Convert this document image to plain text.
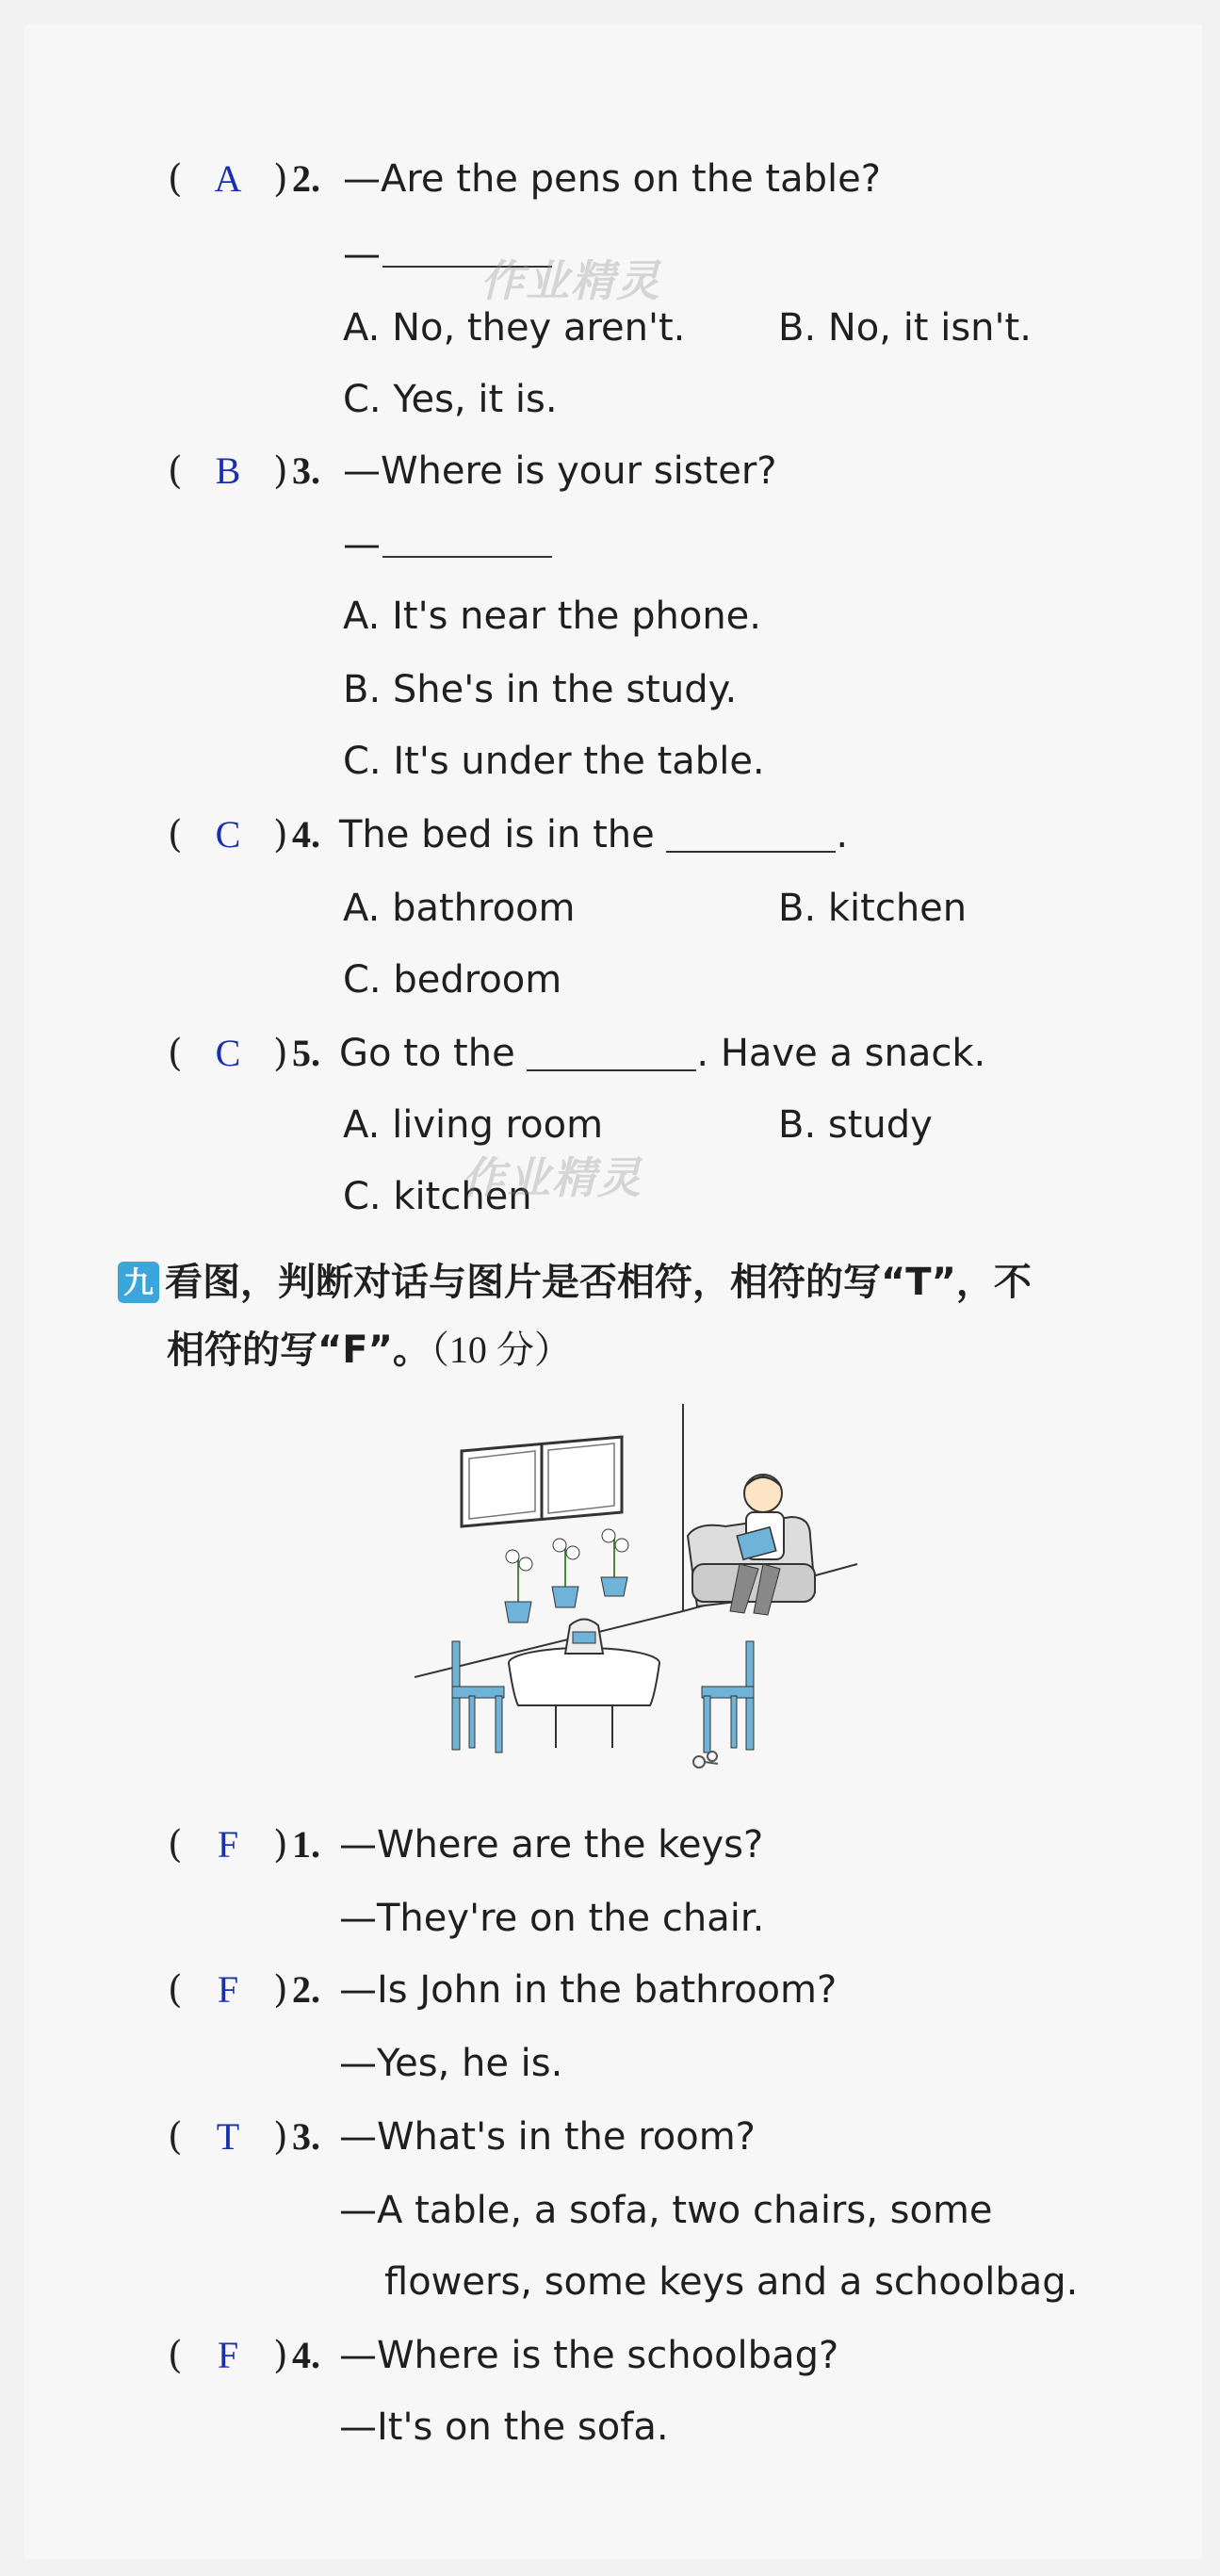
( A ) 2. —Are the pens on the table?
—
A. No, they aren't. B. No, it isn't.
C. Yes, it is.
( B ) 3. —Where is your sister?
—
A. It's near the phone.
B. She's in the study.
C. It's under the table.
( C ) 4. The bed is in the	.
A. bathroom	B. kitchen
C. bedroom
( C ) 5. Go to the	. Have a snack.
A. living room	B. study
C. kitchen
作业精灵
作业精灵
九 看图，判断对话与图片是否相符，相符的写“T”，不
相符的写“F”。（10 分）
( F ) 1. —Where are the keys?
—They're on the chair.
( F ) 2. —Is John in the bathroom?
—Yes, he is.
( T ) 3. —What's in the room?
—A table, a sofa, two chairs, some
flowers, some keys and a schoolbag.
( F ) 4. —Where is the schoolbag?
—It's on the sofa.
